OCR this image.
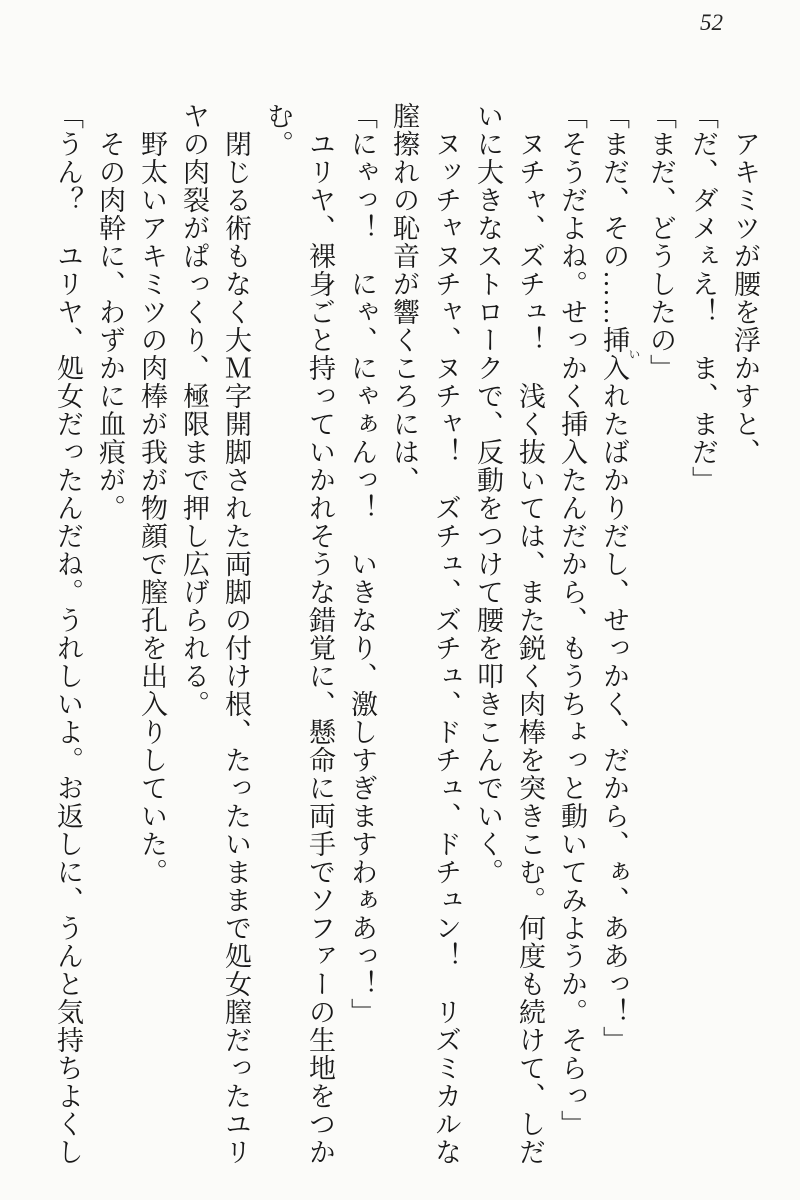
52
　アキミツが腰を浮かすと、
「だ、ダメぇえ！　ま、まだ」
「まだ、どうしたの」
「まだ、その……挿入いれたばかりだし、せっかく、だから、ぁ、ああっ！」
「そうだよね。せっかく挿入たんだから、もうちょっと動いてみようか。そらっ」
　ヌチャ、ズチュ！　浅く抜いては、また鋭く肉棒を突きこむ。何度も続けて、しだ
いに大きなストロークで、反動をつけて腰を叩きこんでいく。
　ヌッチャヌチャ、ヌチャ！　ズチュ、ズチュ、ドチュ、ドチュン！　リズミカルな
膣擦れの恥音が響くころには、
「にゃっ！　にゃ、にゃぁんっ！　いきなり、激しすぎますわぁあっ！」
　ユリヤ、裸身ごと持っていかれそうな錯覚に、懸命に両手でソファーの生地をつか
む。
　閉じる術もなく大Ｍ字開脚された両脚の付け根、たったいままで処女膣だったユリ
ヤの肉裂がぱっくり、極限まで押し広げられる。
　野太いアキミツの肉棒が我が物顔で膣孔を出入りしていた。
　その肉幹に、わずかに血痕が。
「うん？　ユリヤ、処女だったんだね。うれしいよ。お返しに、うんと気持ちよくし
